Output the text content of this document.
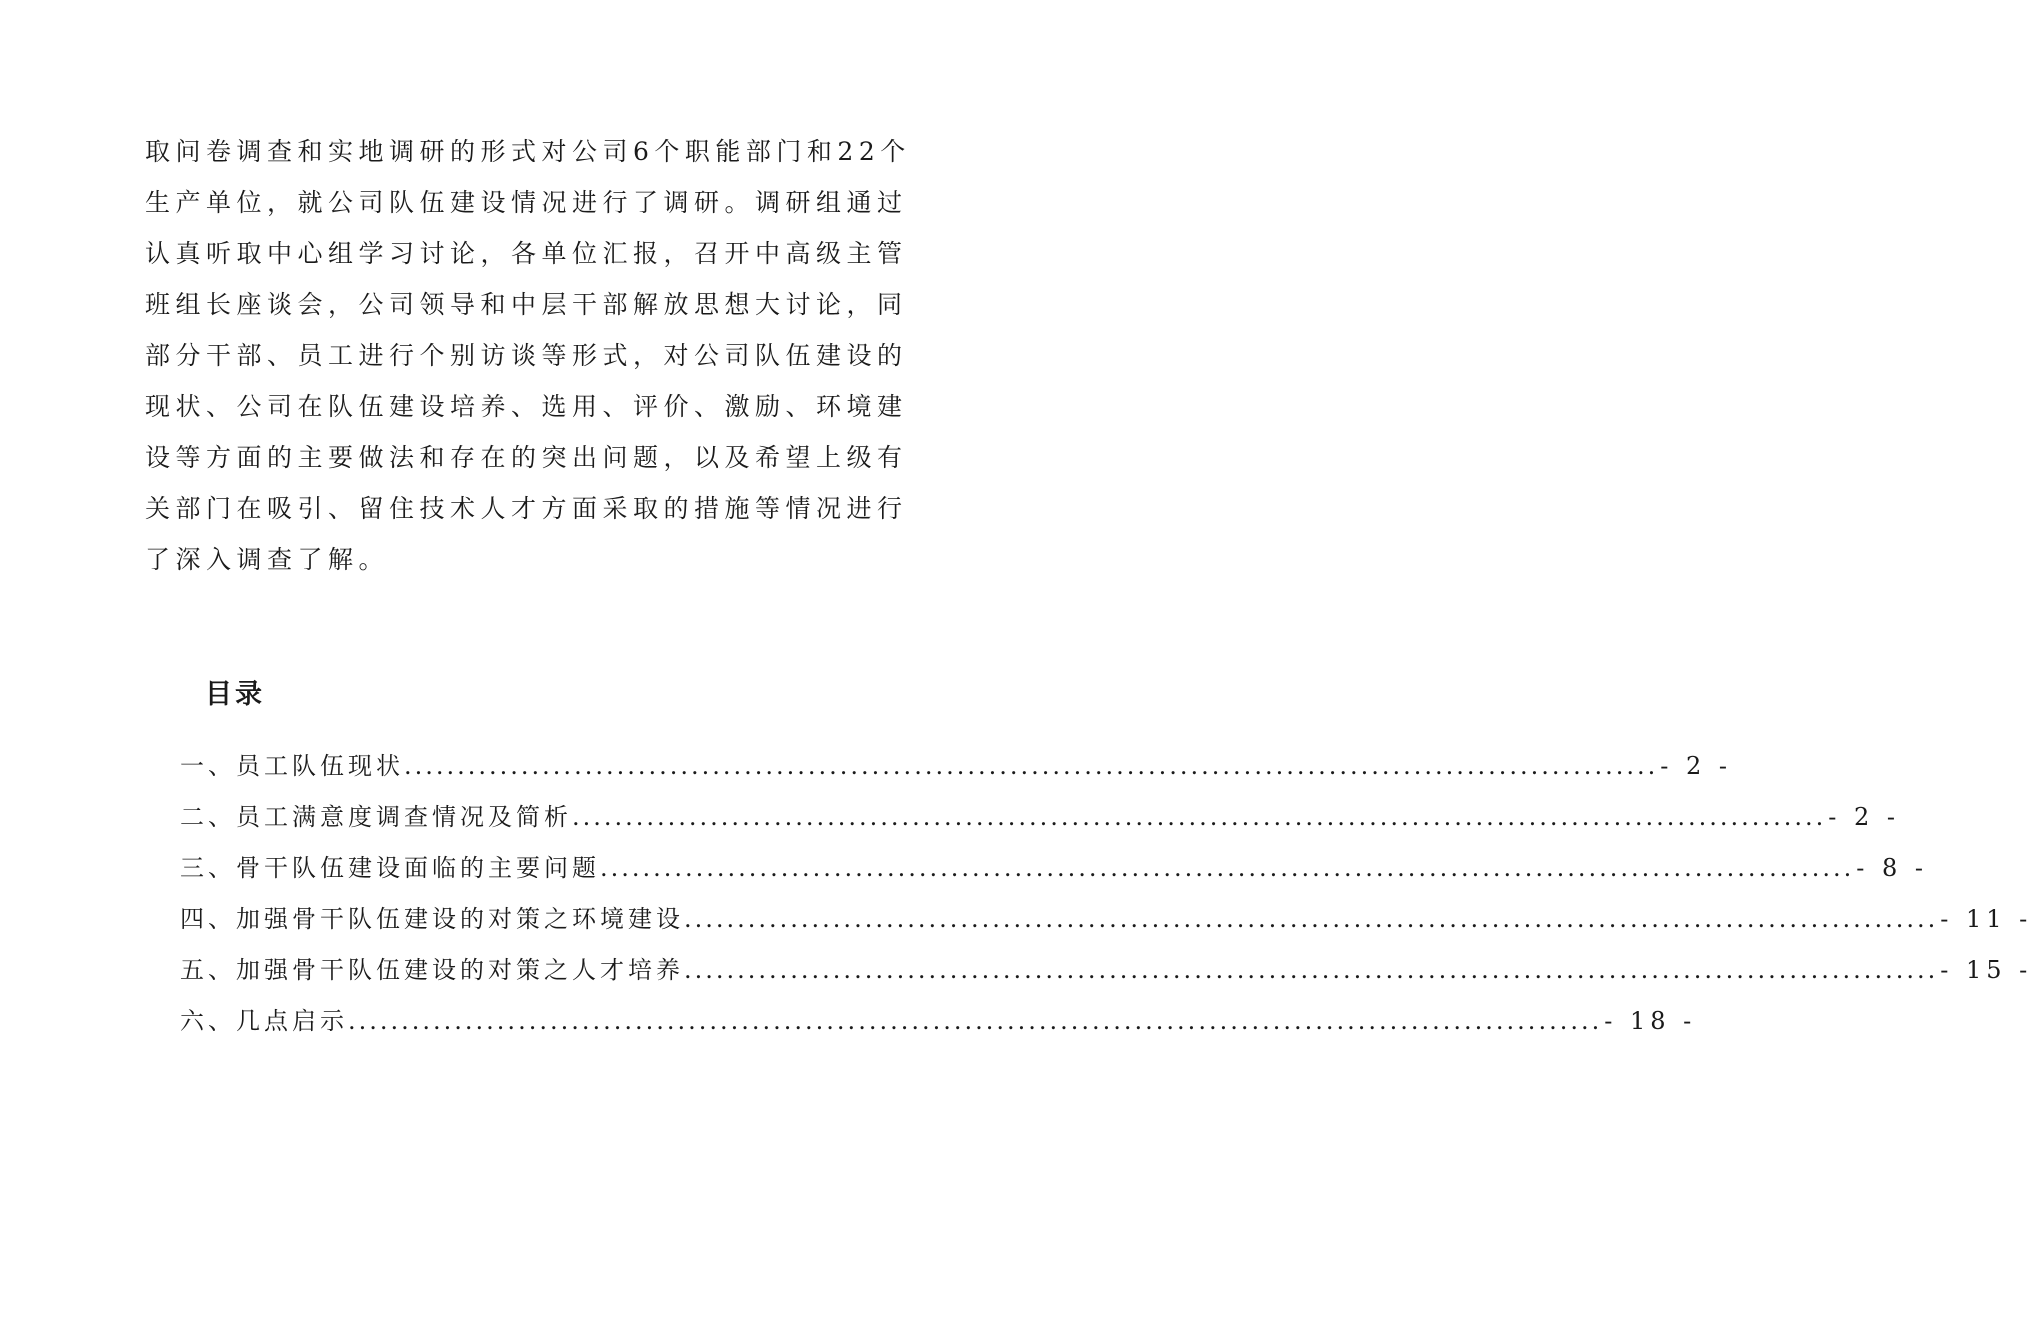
取问卷调查和实地调研的形式对公司6个职能部门和22个
生产单位，就公司队伍建设情况进行了调研。调研组通过
认真听取中心组学习讨论，各单位汇报，召开中高级主管
班组长座谈会，公司领导和中层干部解放思想大讨论，同
部分干部、员工进行个别访谈等形式，对公司队伍建设的
现状、公司在队伍建设培养、选用、评价、激励、环境建
设等方面的主要做法和存在的突出问题，以及希望上级有
关部门在吸引、留住技术人才方面采取的措施等情况进行
了深入调查了解。
目录
一、员工队伍现状 .....	- 2 -
二、员工满意度调查情况及简析 .....	- 2 -
三、骨干队伍建设面临的主要问题 .....	- 8 -
四、加强骨干队伍建设的对策之环境建设 .....	- 11 -
五、加强骨干队伍建设的对策之人才培养 .....	- 15 -
六、几点启示 .....	- 18 -
